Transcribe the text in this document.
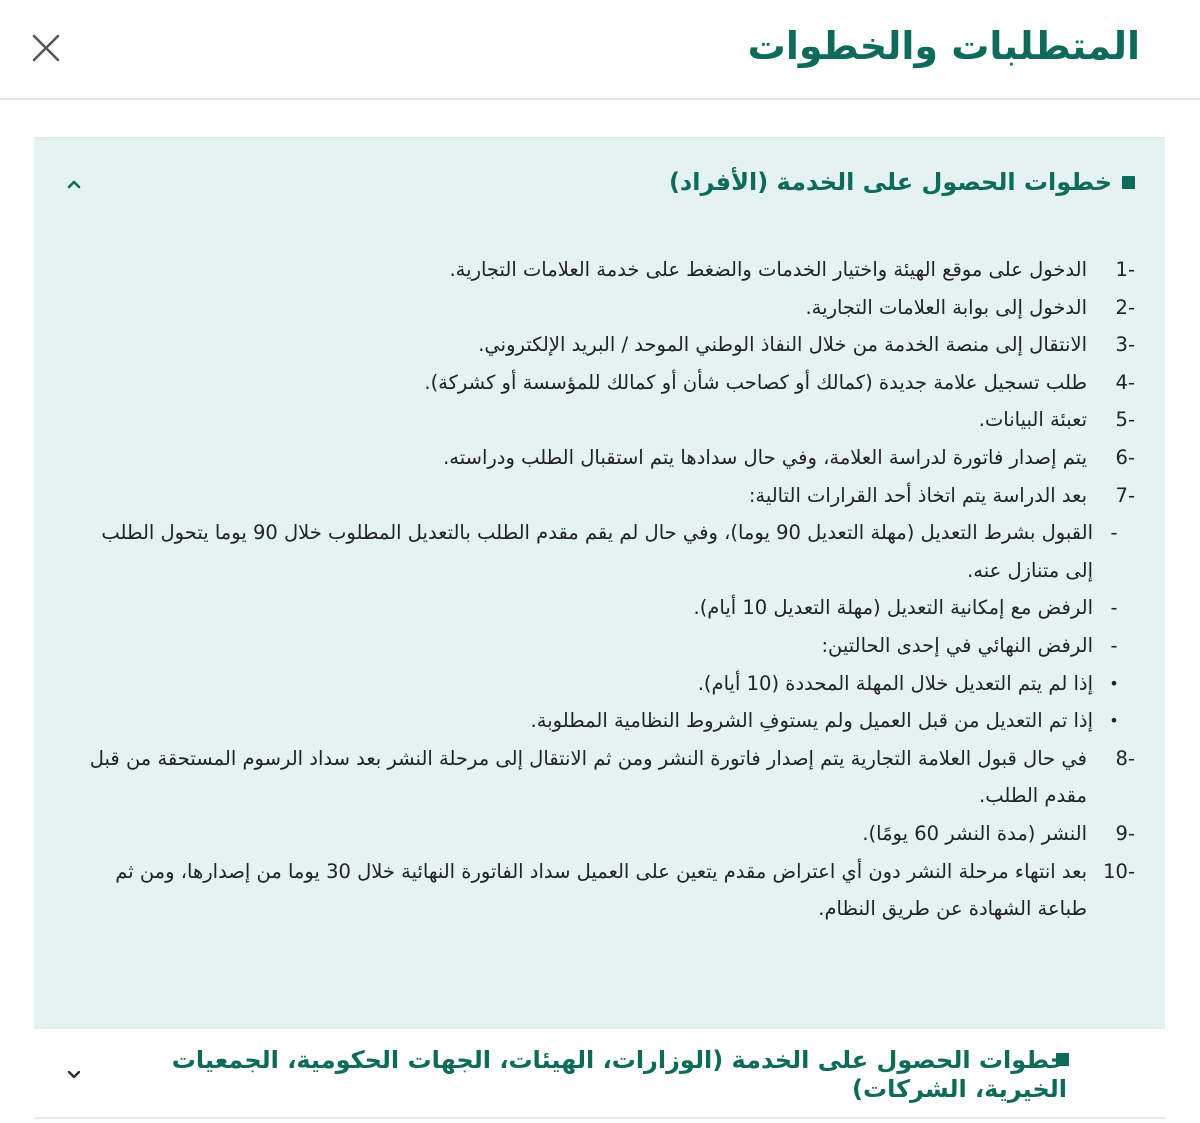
المتطلبات والخطوات
خطوات الحصول على الخدمة (الأفراد)
-1
الدخول على موقع الهيئة واختيار الخدمات والضغط على خدمة العلامات التجارية.
-2
الدخول إلى بوابة العلامات التجارية.
-3
الانتقال إلى منصة الخدمة من خلال النفاذ الوطني الموحد / البريد الإلكتروني.
-4
طلب تسجيل علامة جديدة (كمالك أو كصاحب شأن أو كمالك للمؤسسة أو كشركة).
-5
تعبئة البيانات.
-6
يتم إصدار فاتورة لدراسة العلامة، وفي حال سدادها يتم استقبال الطلب ودراسته.
-7
بعد الدراسة يتم اتخاذ أحد القرارات التالية:
-
القبول بشرط التعديل (مهلة التعديل 90 يوما)، وفي حال لم يقم مقدم الطلب بالتعديل المطلوب خلال 90 يوما يتحول الطلب إلى متنازل عنه.
-
الرفض مع إمكانية التعديل (مهلة التعديل 10 أيام).
-
الرفض النهائي في إحدى الحالتين:
•
إذا لم يتم التعديل خلال المهلة المحددة (10 أيام).
•
إذا تم التعديل من قبل العميل ولم يستوفِ الشروط النظامية المطلوبة.
-8
في حال قبول العلامة التجارية يتم إصدار فاتورة النشر ومن ثم الانتقال إلى مرحلة النشر بعد سداد الرسوم المستحقة من قبل مقدم الطلب.
-9
النشر (مدة النشر 60 يومًا).
-10
بعد انتهاء مرحلة النشر دون أي اعتراض مقدم يتعين على العميل سداد الفاتورة النهائية خلال 30 يوما من إصدارها، ومن ثم طباعة الشهادة عن طريق النظام.
خطوات الحصول على الخدمة (الوزارات، الهيئات، الجهات الحكومية، الجمعيات الخيرية، الشركات)
